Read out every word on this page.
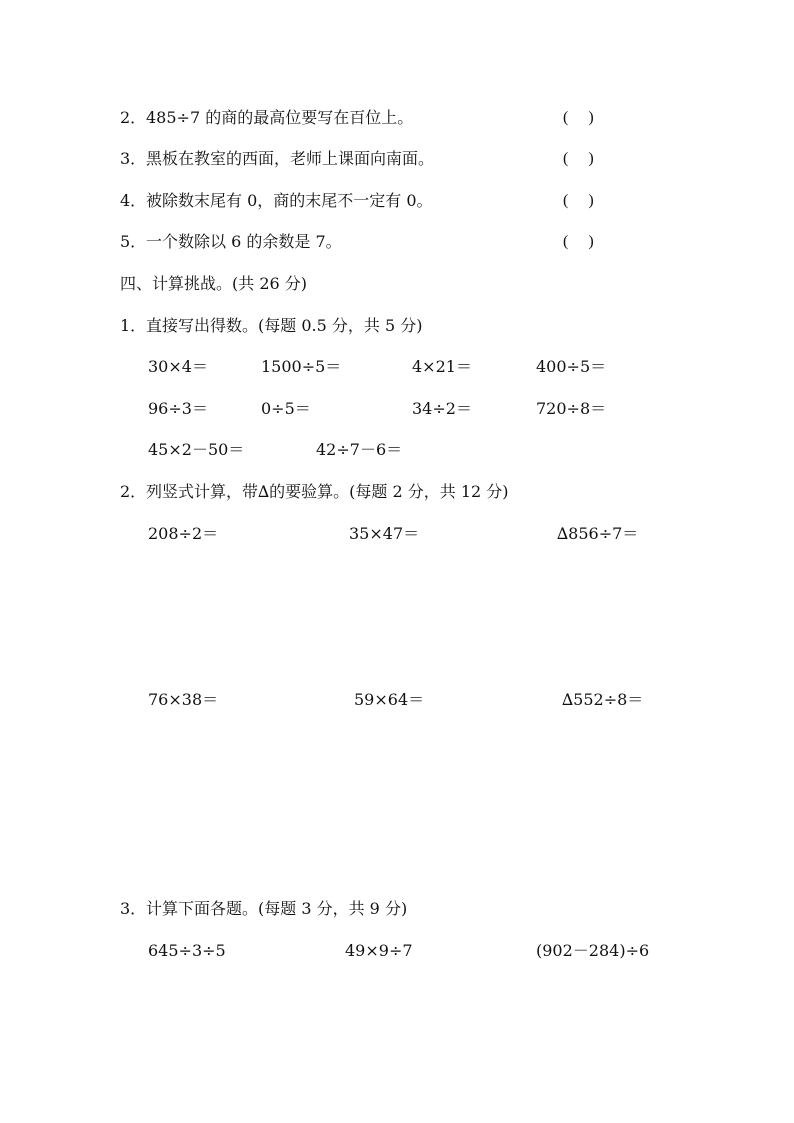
2． 485÷7 的商的最高位要写在百位上。	(     )
3． 黑板在教室的西面，老师上课面向南面。	(     )
4． 被除数末尾有 0，商的末尾不一定有 0。	(     )
5． 一个数除以 6 的余数是 7。	(     )
四、计算挑战。(共 26 分)
1． 直接写出得数。(每题 0.5 分，共 5 分)
30×4＝	1500÷5＝	4×21＝	400÷5＝
96÷3＝	0÷5＝	34÷2＝	720÷8＝
45×2－50＝	42÷7－6＝
2． 列竖式计算，带∆的要验算。(每题 2 分，共 12 分)
208÷2＝	35×47＝	∆856÷7＝
76×38＝	59×64＝	∆552÷8＝
3． 计算下面各题。(每题 3 分，共 9 分)
645÷3÷5	49×9÷7	(902－284)÷6
